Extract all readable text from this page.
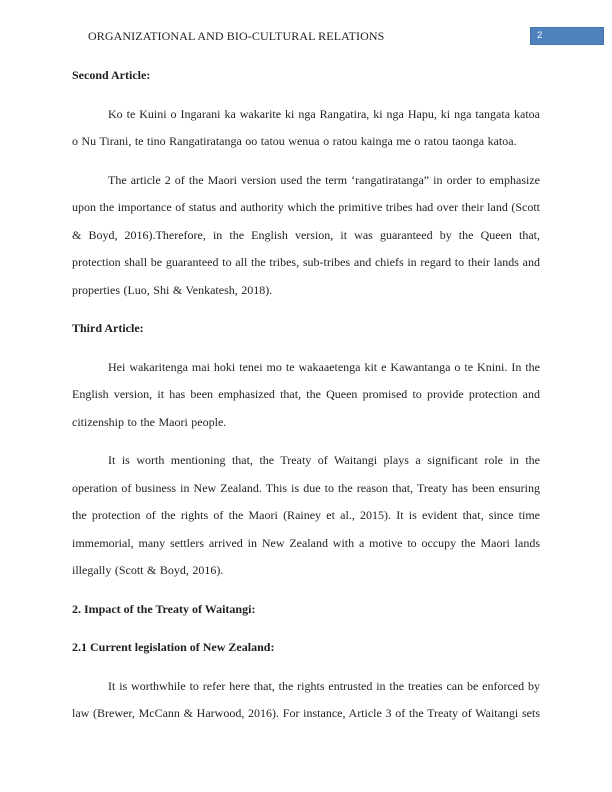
ORGANIZATIONAL AND BIO-CULTURAL RELATIONS	2
Second Article:
Ko te Kuini o Ingarani ka wakarite ki nga Rangatira, ki nga Hapu, ki nga tangata katoa o Nu Tirani, te tino Rangatiratanga oo tatou wenua o ratou kainga me o ratou taonga katoa.
The article 2 of the Maori version used the term ‘rangatiratanga” in order to emphasize upon the importance of status and authority which the primitive tribes had over their land (Scott & Boyd, 2016).Therefore, in the English version, it was guaranteed by the Queen that, protection shall be guaranteed to all the tribes, sub-tribes and chiefs in regard to their lands and properties (Luo, Shi & Venkatesh, 2018).
Third Article:
Hei wakaritenga mai hoki tenei mo te wakaaetenga kit e Kawantanga o te Knini. In the English version, it has been emphasized that, the Queen promised to provide protection and citizenship to the Maori people.
It is worth mentioning that, the Treaty of Waitangi plays a significant role in the operation of business in New Zealand. This is due to the reason that, Treaty has been ensuring the protection of the rights of the Maori (Rainey et al., 2015). It is evident that, since time immemorial, many settlers arrived in New Zealand with a motive to occupy the Maori lands illegally (Scott & Boyd, 2016).
2. Impact of the Treaty of Waitangi:
2.1 Current legislation of New Zealand:
It is worthwhile to refer here that, the rights entrusted in the treaties can be enforced by law (Brewer, McCann & Harwood, 2016). For instance, Article 3 of the Treaty of Waitangi sets
